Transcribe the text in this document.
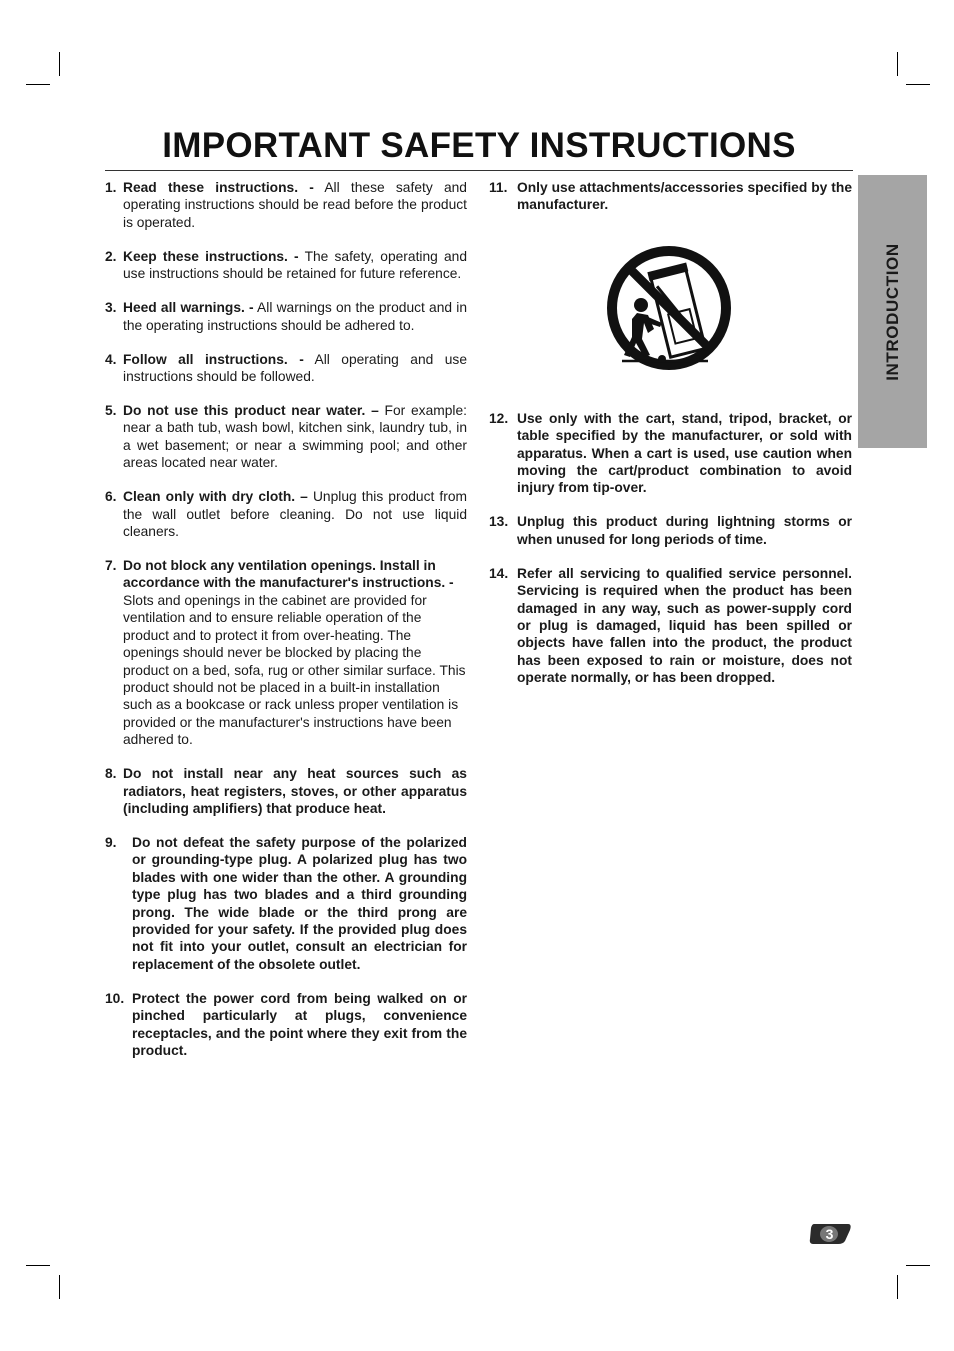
IMPORTANT SAFETY INSTRUCTIONS
INTRODUCTION
1. Read these instructions. - All these safety and operating instructions should be read before the product is operated.
2. Keep these instructions. - The safety, operating and use instructions should be retained for future reference.
3. Heed all warnings. - All warnings on the product and in the operating instructions should be adhered to.
4. Follow all instructions. - All operating and use instructions should be followed.
5. Do not use this product near water. – For example: near a bath tub, wash bowl, kitchen sink, laundry tub, in a wet basement; or near a swimming pool; and other areas located near water.
6. Clean only with dry cloth. – Unplug this product from the wall outlet before cleaning. Do not use liquid cleaners.
7. Do not block any ventilation openings. Install in accordance with the manufacturer's instructions. - Slots and openings in the cabinet are provided for ventilation and to ensure reliable operation of the product and to protect it from over-heating. The openings should never be blocked by placing the product on a bed, sofa, rug or other similar surface. This product should not be placed in a built-in installation such as a bookcase or rack unless proper ventilation is provided or the manufacturer's instructions have been adhered to.
8. Do not install near any heat sources such as radiators, heat registers, stoves, or other apparatus (including amplifiers) that produce heat.
9.	Do not defeat the safety purpose of the polarized or grounding-type plug. A polarized plug has two blades with one wider than the other. A grounding type plug has two blades and a third grounding prong. The wide blade or the third prong are provided for your safety. If the provided plug does not fit into your outlet, consult an electrician for replacement of the obsolete outlet.
10. Protect the power cord from being walked on or pinched particularly at plugs, convenience receptacles, and the point where they exit from the product.
11. Only use attachments/accessories specified by the manufacturer.
12. Use only with the cart, stand, tripod, bracket, or table specified by the manufacturer, or sold with apparatus. When a cart is used, use caution when moving the cart/product combination to avoid injury from tip-over.
13. Unplug this product during lightning storms or when unused for long periods of time.
14. Refer all servicing to qualified service personnel. Servicing is required when the product has been damaged in any way, such as power-supply cord or plug is damaged, liquid has been spilled or objects have fallen into the product, the product has been exposed to rain or moisture, does not operate normally, or has been dropped.
3
